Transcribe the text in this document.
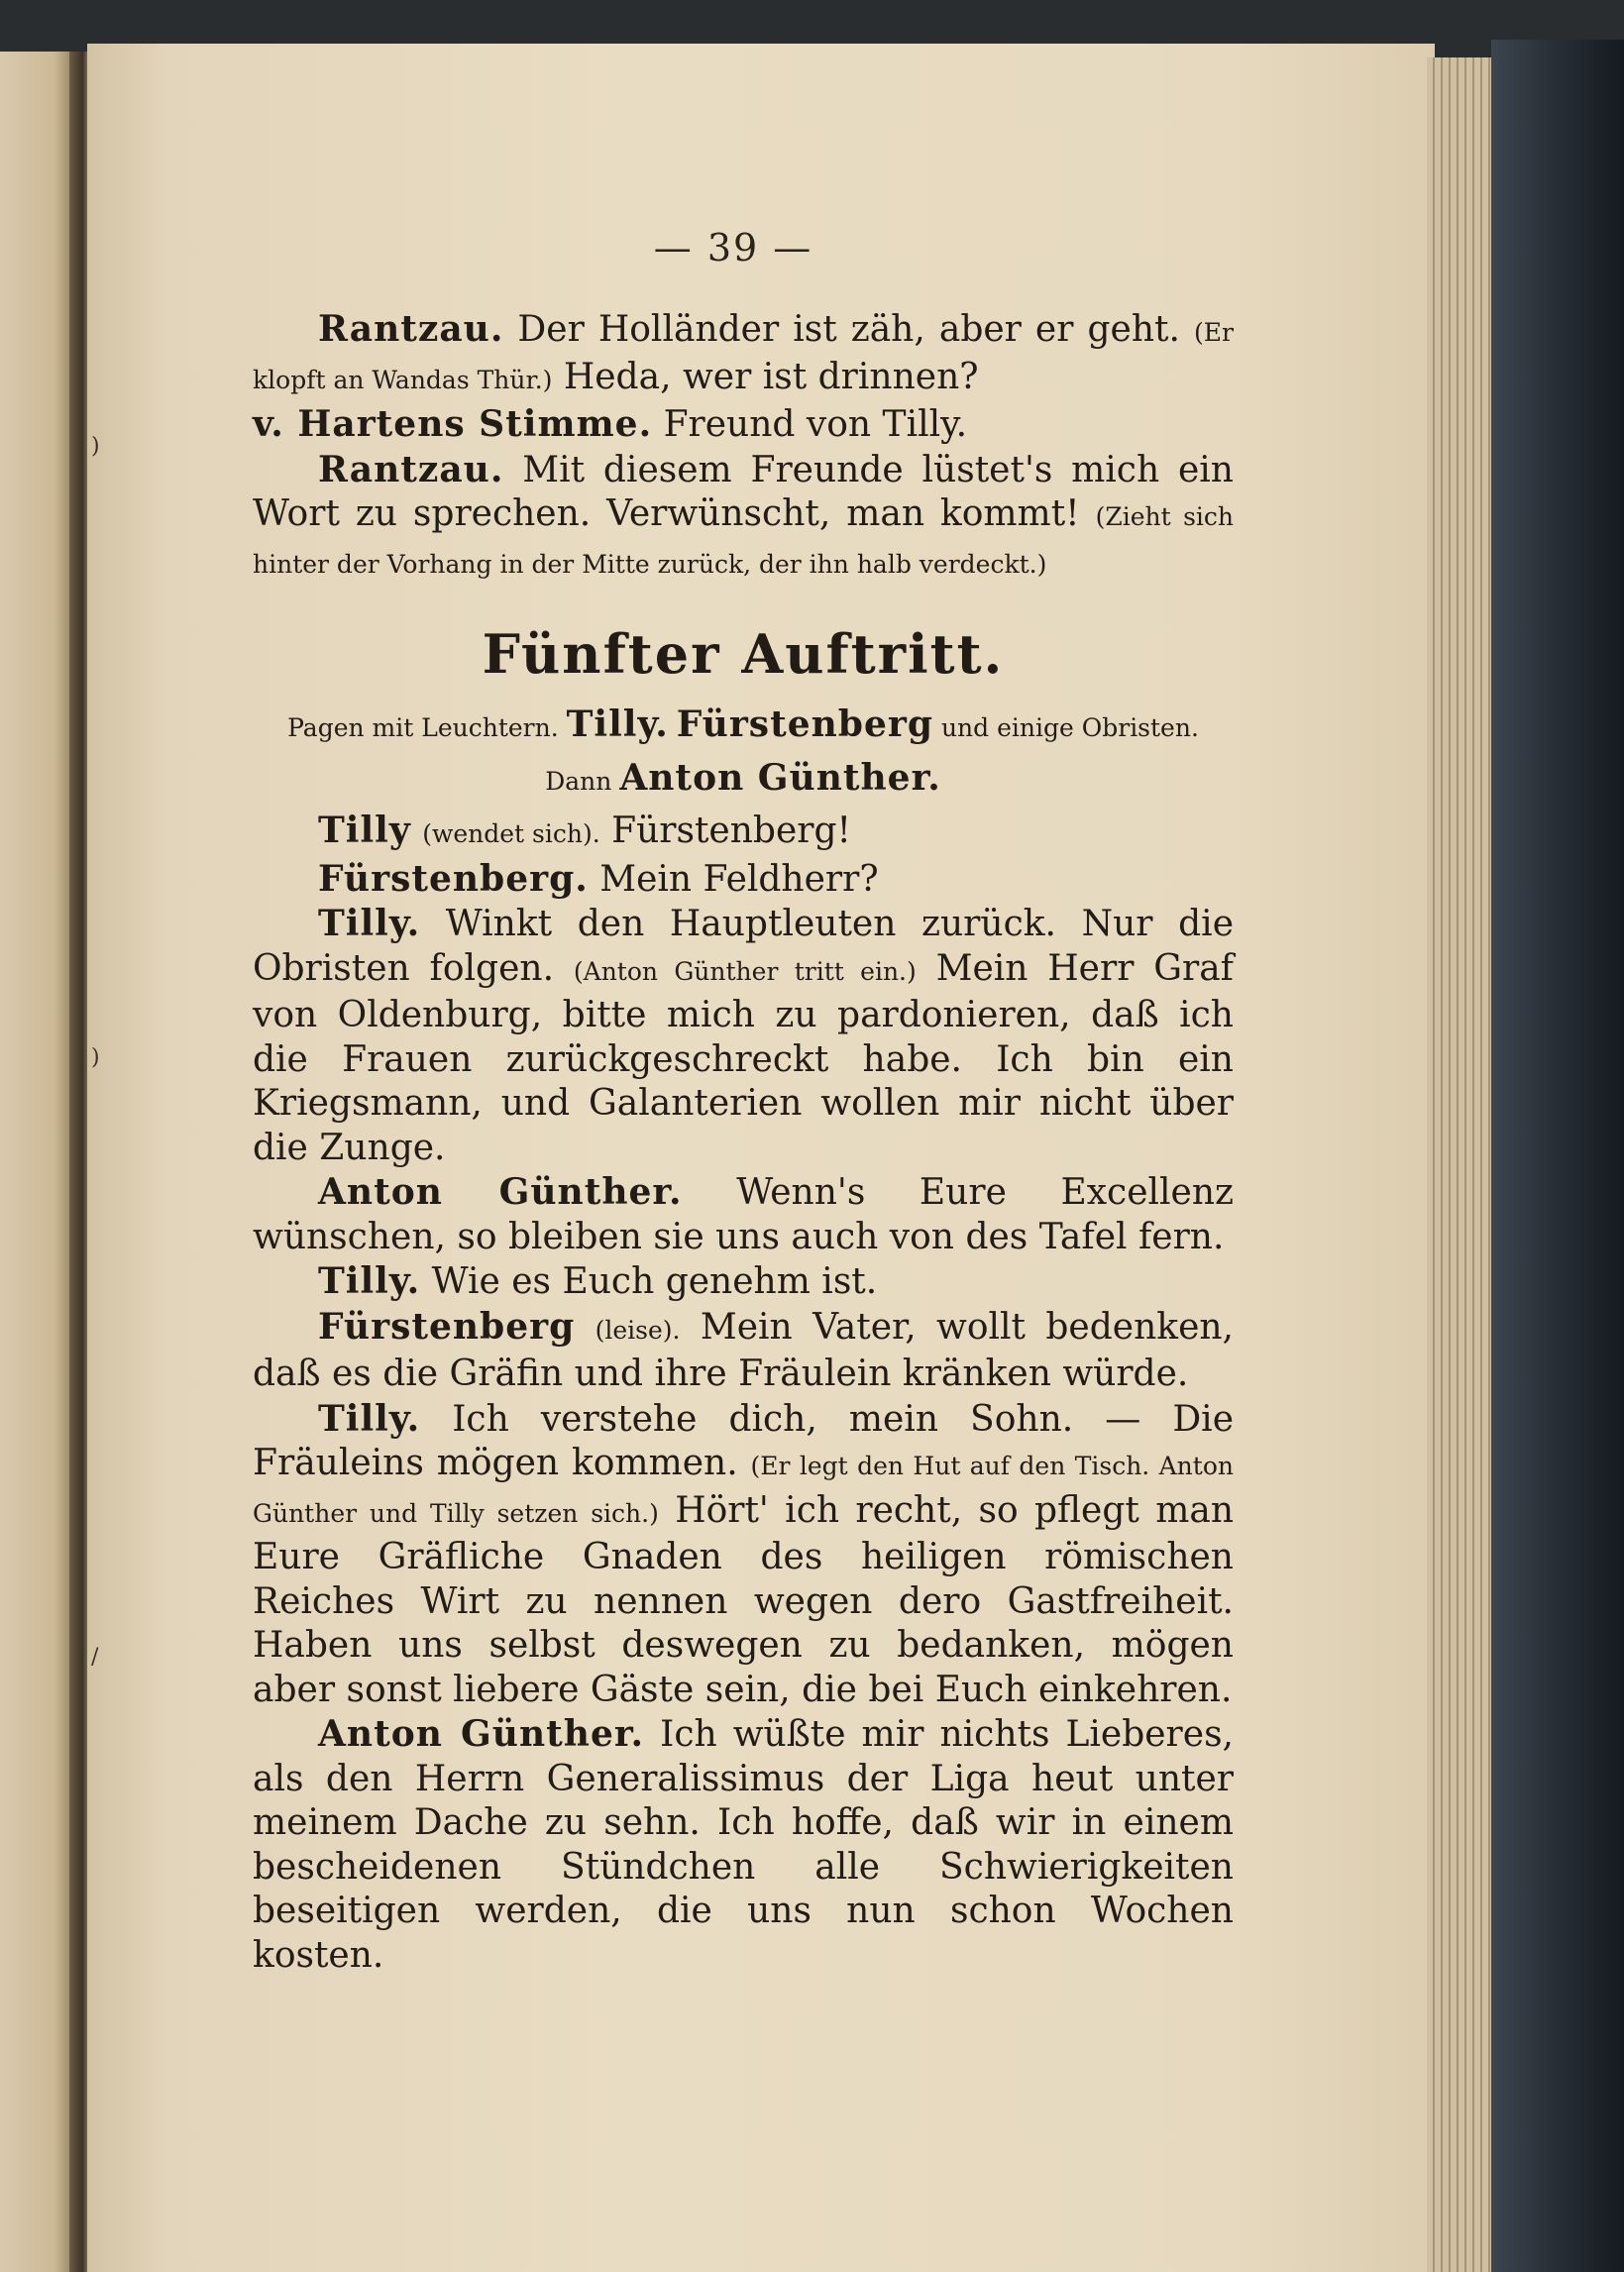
)
)
/
— 39 —

Rantzau. Der Holländer ist zäh, aber er geht. (Er klopft an Wandas Thür.) Heda, wer ist drinnen?

v. Hartens Stimme. Freund von Tilly.

Rantzau. Mit diesem Freunde lüstet's mich ein Wort zu sprechen. Verwünscht, man kommt! (Zieht sich hinter der Vorhang in der Mitte zurück, der ihn halb verdeckt.)

Fünfter Auftritt.
Pagen mit Leuchtern. Tilly. Fürstenberg und einige Obristen.
Dann Anton Günther.

Tilly (wendet sich). Fürstenberg!

Fürstenberg. Mein Feldherr?

Tilly. Winkt den Hauptleuten zurück. Nur die Obristen folgen. (Anton Günther tritt ein.) Mein Herr Graf von Oldenburg, bitte mich zu pardonieren, daß ich die Frauen zurückgeschreckt habe. Ich bin ein Kriegsmann, und Galanterien wollen mir nicht über die Zunge.

Anton Günther. Wenn's Eure Excellenz wünschen, so bleiben sie uns auch von des Tafel fern.

Tilly. Wie es Euch genehm ist.

Fürstenberg (leise). Mein Vater, wollt bedenken, daß es die Gräfin und ihre Fräulein kränken würde.

Tilly. Ich verstehe dich, mein Sohn. — Die Fräuleins mögen kommen. (Er legt den Hut auf den Tisch. Anton Günther und Tilly setzen sich.) Hört' ich recht, so pflegt man Eure Gräfliche Gnaden des heiligen römischen Reiches Wirt zu nennen wegen dero Gastfreiheit. Haben uns selbst deswegen zu bedanken, mögen aber sonst liebere Gäste sein, die bei Euch einkehren.

Anton Günther. Ich wüßte mir nichts Lieberes, als den Herrn Generalissimus der Liga heut unter meinem Dache zu sehn. Ich hoffe, daß wir in einem bescheidenen Stündchen alle Schwierigkeiten beseitigen werden, die uns nun schon Wochen kosten.
